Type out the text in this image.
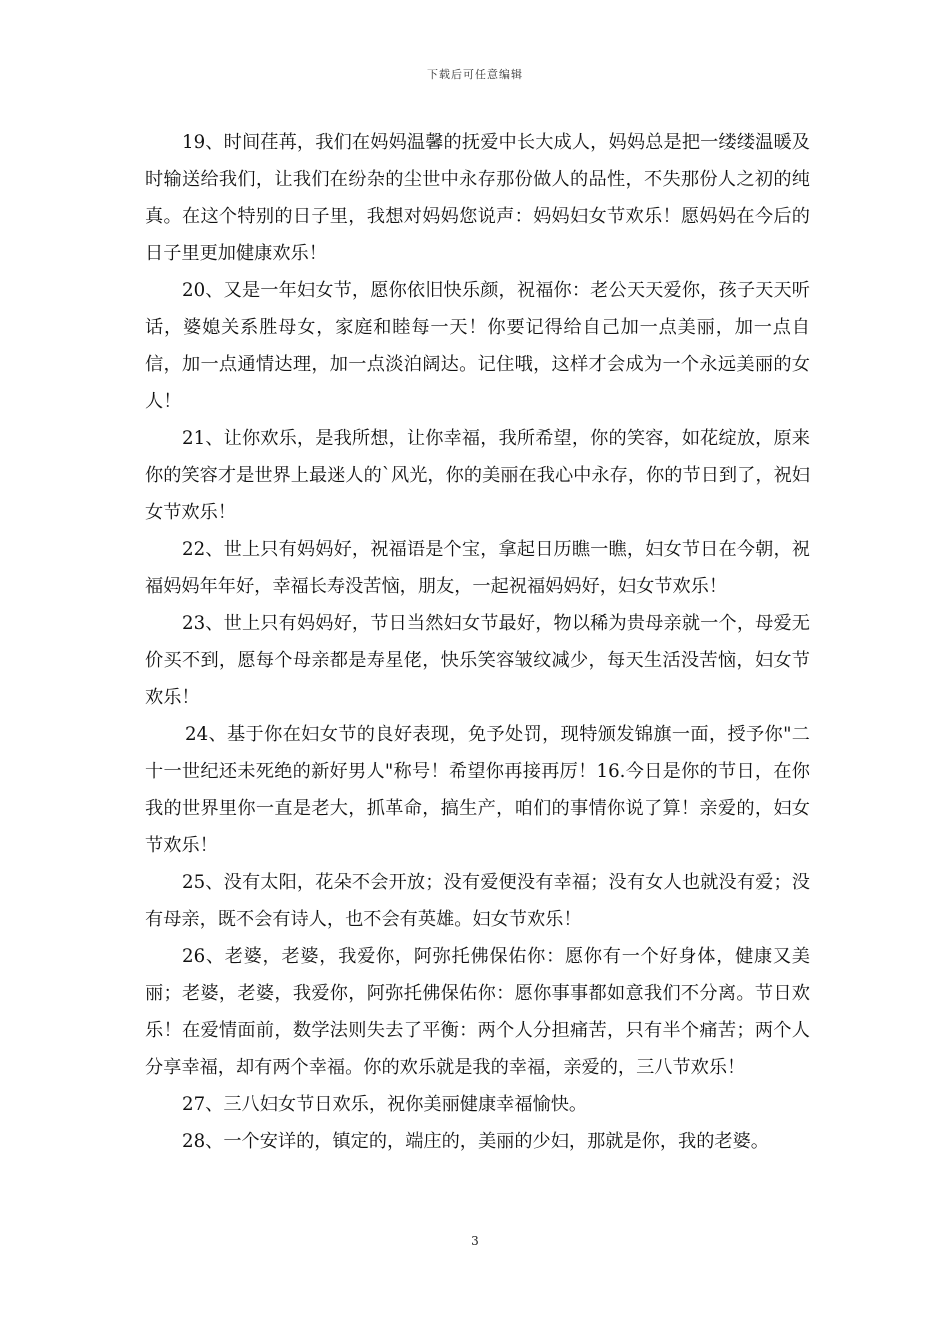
下载后可任意编辑

19、时间荏苒，我们在妈妈温馨的抚爱中长大成人，妈妈总是把一缕缕温暖及时输送给我们，让我们在纷杂的尘世中永存那份做人的品性，不失那份人之初的纯真。在这个特别的日子里，我想对妈妈您说声：妈妈妇女节欢乐！愿妈妈在今后的日子里更加健康欢乐！

20、又是一年妇女节，愿你依旧快乐颜，祝福你：老公天天爱你，孩子天天听话，婆媳关系胜母女，家庭和睦每一天！你要记得给自己加一点美丽，加一点自信，加一点通情达理，加一点淡泊阔达。记住哦，这样才会成为一个永远美丽的女人！

21、让你欢乐，是我所想，让你幸福，我所希望，你的笑容，如花绽放，原来你的笑容才是世界上最迷人的`风光，你的美丽在我心中永存，你的节日到了，祝妇女节欢乐！

22、世上只有妈妈好，祝福语是个宝，拿起日历瞧一瞧，妇女节日在今朝，祝福妈妈年年好，幸福长寿没苦恼，朋友，一起祝福妈妈好，妇女节欢乐！

23、世上只有妈妈好，节日当然妇女节最好，物以稀为贵母亲就一个，母爱无价买不到，愿每个母亲都是寿星佬，快乐笑容皱纹减少，每天生活没苦恼，妇女节欢乐！

24、基于你在妇女节的良好表现，免予处罚，现特颁发锦旗一面，授予你"二十一世纪还未死绝的新好男人"称号！希望你再接再厉！16.今日是你的节日，在你我的世界里你一直是老大，抓革命，搞生产，咱们的事情你说了算！亲爱的，妇女节欢乐！

25、没有太阳，花朵不会开放；没有爱便没有幸福；没有女人也就没有爱；没有母亲，既不会有诗人，也不会有英雄。妇女节欢乐！

26、老婆，老婆，我爱你，阿弥托佛保佑你：愿你有一个好身体，健康又美丽；老婆，老婆，我爱你，阿弥托佛保佑你：愿你事事都如意我们不分离。节日欢乐！在爱情面前，数学法则失去了平衡：两个人分担痛苦，只有半个痛苦；两个人分享幸福，却有两个幸福。你的欢乐就是我的幸福，亲爱的，三八节欢乐！

27、三八妇女节日欢乐，祝你美丽健康幸福愉快。

28、一个安详的，镇定的，端庄的，美丽的少妇，那就是你，我的老婆。

3
